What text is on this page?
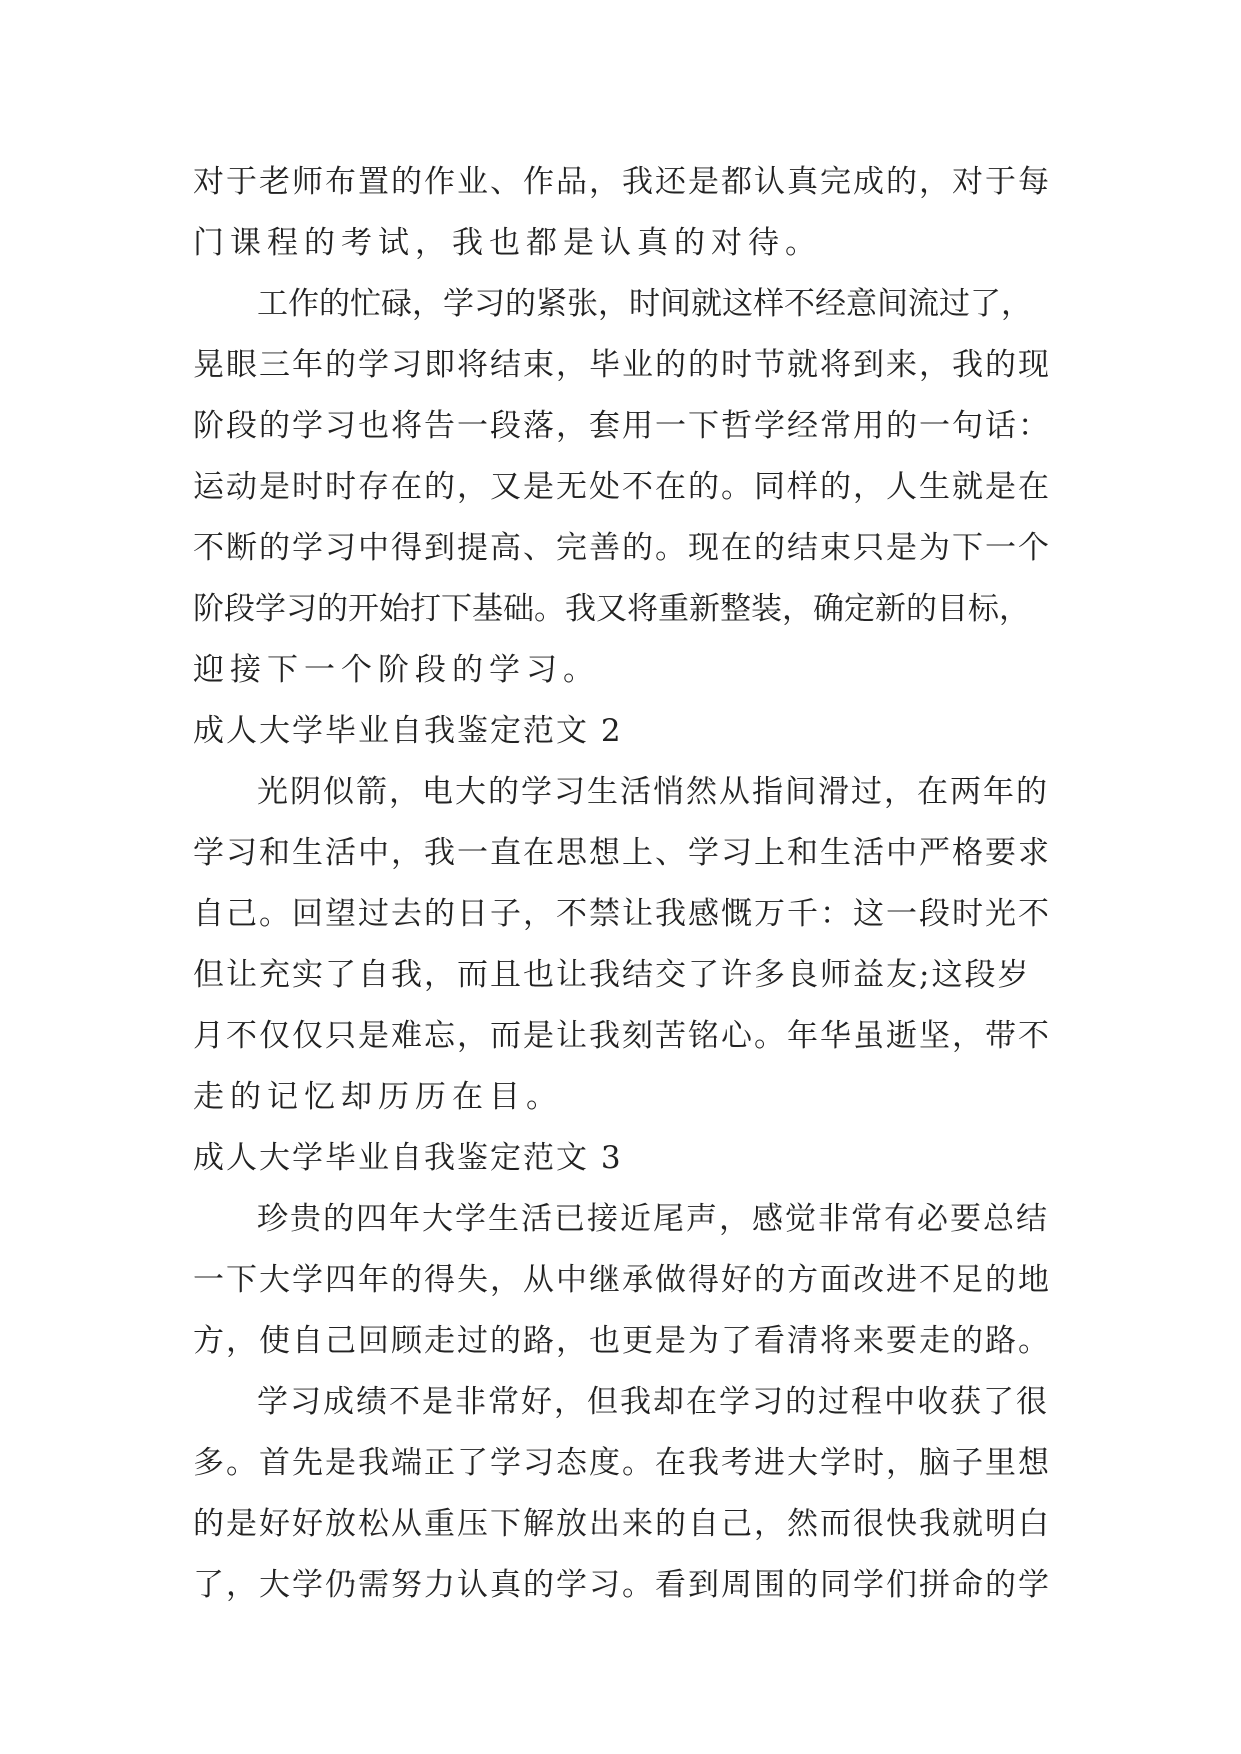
对于老师布置的作业、作品，我还是都认真完成的，对于每
门课程的考试，我也都是认真的对待。
工作的忙碌，学习的紧张，时间就这样不经意间流过了，
晃眼三年的学习即将结束，毕业的的时节就将到来，我的现
阶段的学习也将告一段落，套用一下哲学经常用的一句话：
运动是时时存在的，又是无处不在的。同样的，人生就是在
不断的学习中得到提高、完善的。现在的结束只是为下一个
阶段学习的开始打下基础。我又将重新整装，确定新的目标，
迎接下一个阶段的学习。
成人大学毕业自我鉴定范文 2
光阴似箭，电大的学习生活悄然从指间滑过，在两年的
学习和生活中，我一直在思想上、学习上和生活中严格要求
自己。回望过去的日子，不禁让我感慨万千：这一段时光不
但让充实了自我，而且也让我结交了许多良师益友;这段岁
月不仅仅只是难忘，而是让我刻苦铭心。年华虽逝坚，带不
走的记忆却历历在目。
成人大学毕业自我鉴定范文 3
珍贵的四年大学生活已接近尾声，感觉非常有必要总结
一下大学四年的得失，从中继承做得好的方面改进不足的地
方，使自己回顾走过的路，也更是为了看清将来要走的路。
学习成绩不是非常好，但我却在学习的过程中收获了很
多。首先是我端正了学习态度。在我考进大学时，脑子里想
的是好好放松从重压下解放出来的自己，然而很快我就明白
了，大学仍需努力认真的学习。看到周围的同学们拼命的学
